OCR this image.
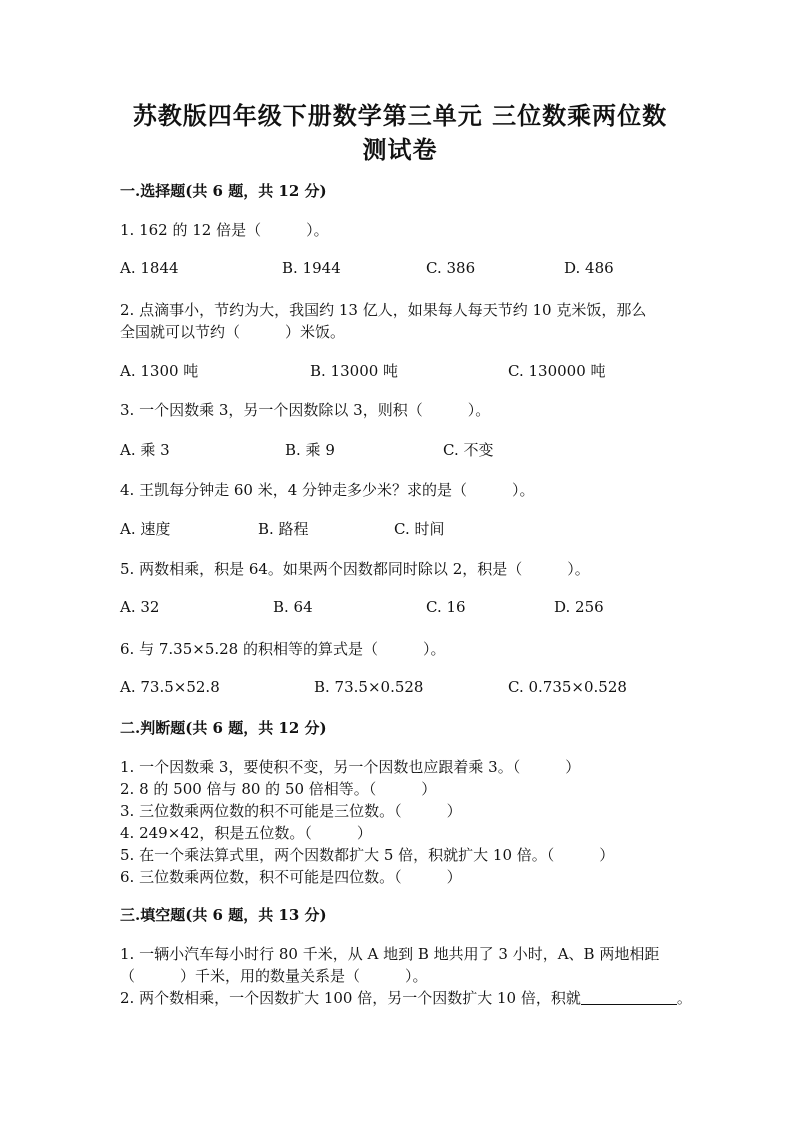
苏教版四年级下册数学第三单元 三位数乘两位数
测试卷
一.选择题(共 6 题，共 12 分)
1. 162 的 12 倍是（　　　）。
A. 1844	B. 1944	C. 386	D. 486
2. 点滴事小，节约为大，我国约 13 亿人，如果每人每天节约 10 克米饭，那么
全国就可以节约（　　　）米饭。
A. 1300 吨	B. 13000 吨	C. 130000 吨
3. 一个因数乘 3，另一个因数除以 3，则积（　　　）。
A. 乘 3	B. 乘 9	C. 不变
4. 王凯每分钟走 60 米，4 分钟走多少米？求的是（　　　）。
A. 速度	B. 路程	C. 时间
5. 两数相乘，积是 64。如果两个因数都同时除以 2，积是（　　　）。
A. 32	B. 64	C. 16	D. 256
6. 与 7.35×5.28 的积相等的算式是（　　　）。
A. 73.5×52.8	B. 73.5×0.528	C. 0.735×0.528
二.判断题(共 6 题，共 12 分)
1. 一个因数乘 3，要使积不变，另一个因数也应跟着乘 3。（　　　）
2. 8 的 500 倍与 80 的 50 倍相等。（　　　）
3. 三位数乘两位数的积不可能是三位数。（　　　）
4. 249×42，积是五位数。（　　　）
5. 在一个乘法算式里，两个因数都扩大 5 倍，积就扩大 10 倍。（　　　）
6. 三位数乘两位数，积不可能是四位数。（　　　）
三.填空题(共 6 题，共 13 分)
1. 一辆小汽车每小时行 80 千米，从 A 地到 B 地共用了 3 小时，A、B 两地相距
（　　　）千米，用的数量关系是（　　　）。
2. 两个数相乘，一个因数扩大 100 倍，另一个因数扩大 10 倍，积就	。
